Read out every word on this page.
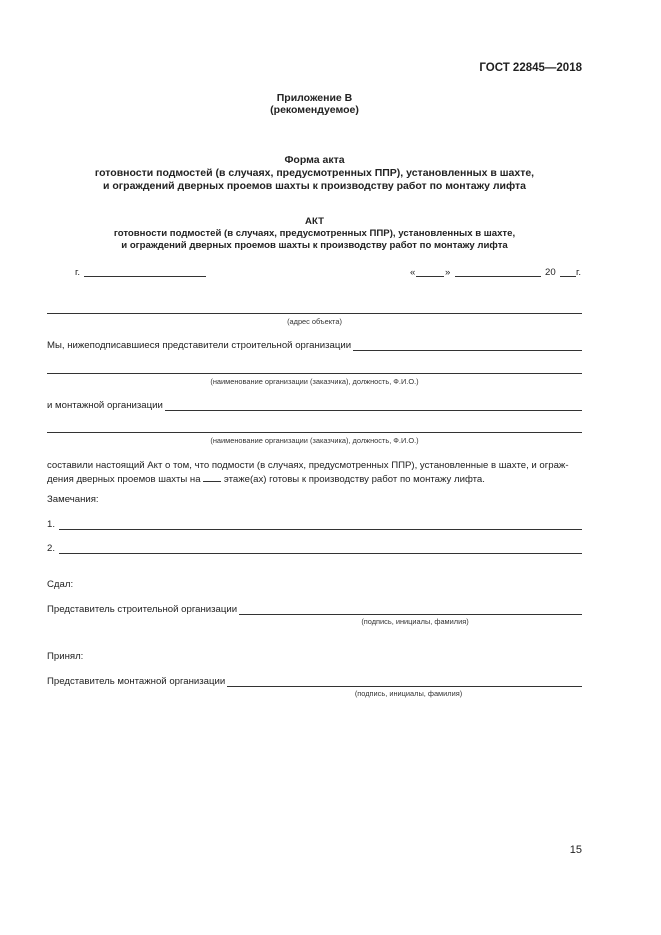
ГОСТ 22845—2018
Приложение В
(рекомендуемое)
Форма акта
готовности подмостей (в случаях, предусмотренных ППР), установленных в шахте,
и ограждений дверных проемов шахты к производству работ по монтажу лифта
АКТ
готовности подмостей (в случаях, предусмотренных ППР), установленных в шахте,
и ограждений дверных проемов шахты к производству работ по монтажу лифта
г.	«	»	20 г.
(адрес объекта)
Мы, нижеподписавшиеся представители строительной организации
(наименование организации (заказчика), должность, Ф.И.О.)
и монтажной организации
(наименование организации (заказчика), должность, Ф.И.О.)
составили настоящий Акт о том, что подмости (в случаях, предусмотренных ППР), установленные в шахте, и ограж-
дения дверных проемов шахты на этаже(ах) готовы к производству работ по монтажу лифта.
Замечания:
1.
2.
Сдал:
Представитель строительной организации
(подпись, инициалы, фамилия)
Принял:
Представитель монтажной организации
(подпись, инициалы, фамилия)
15
